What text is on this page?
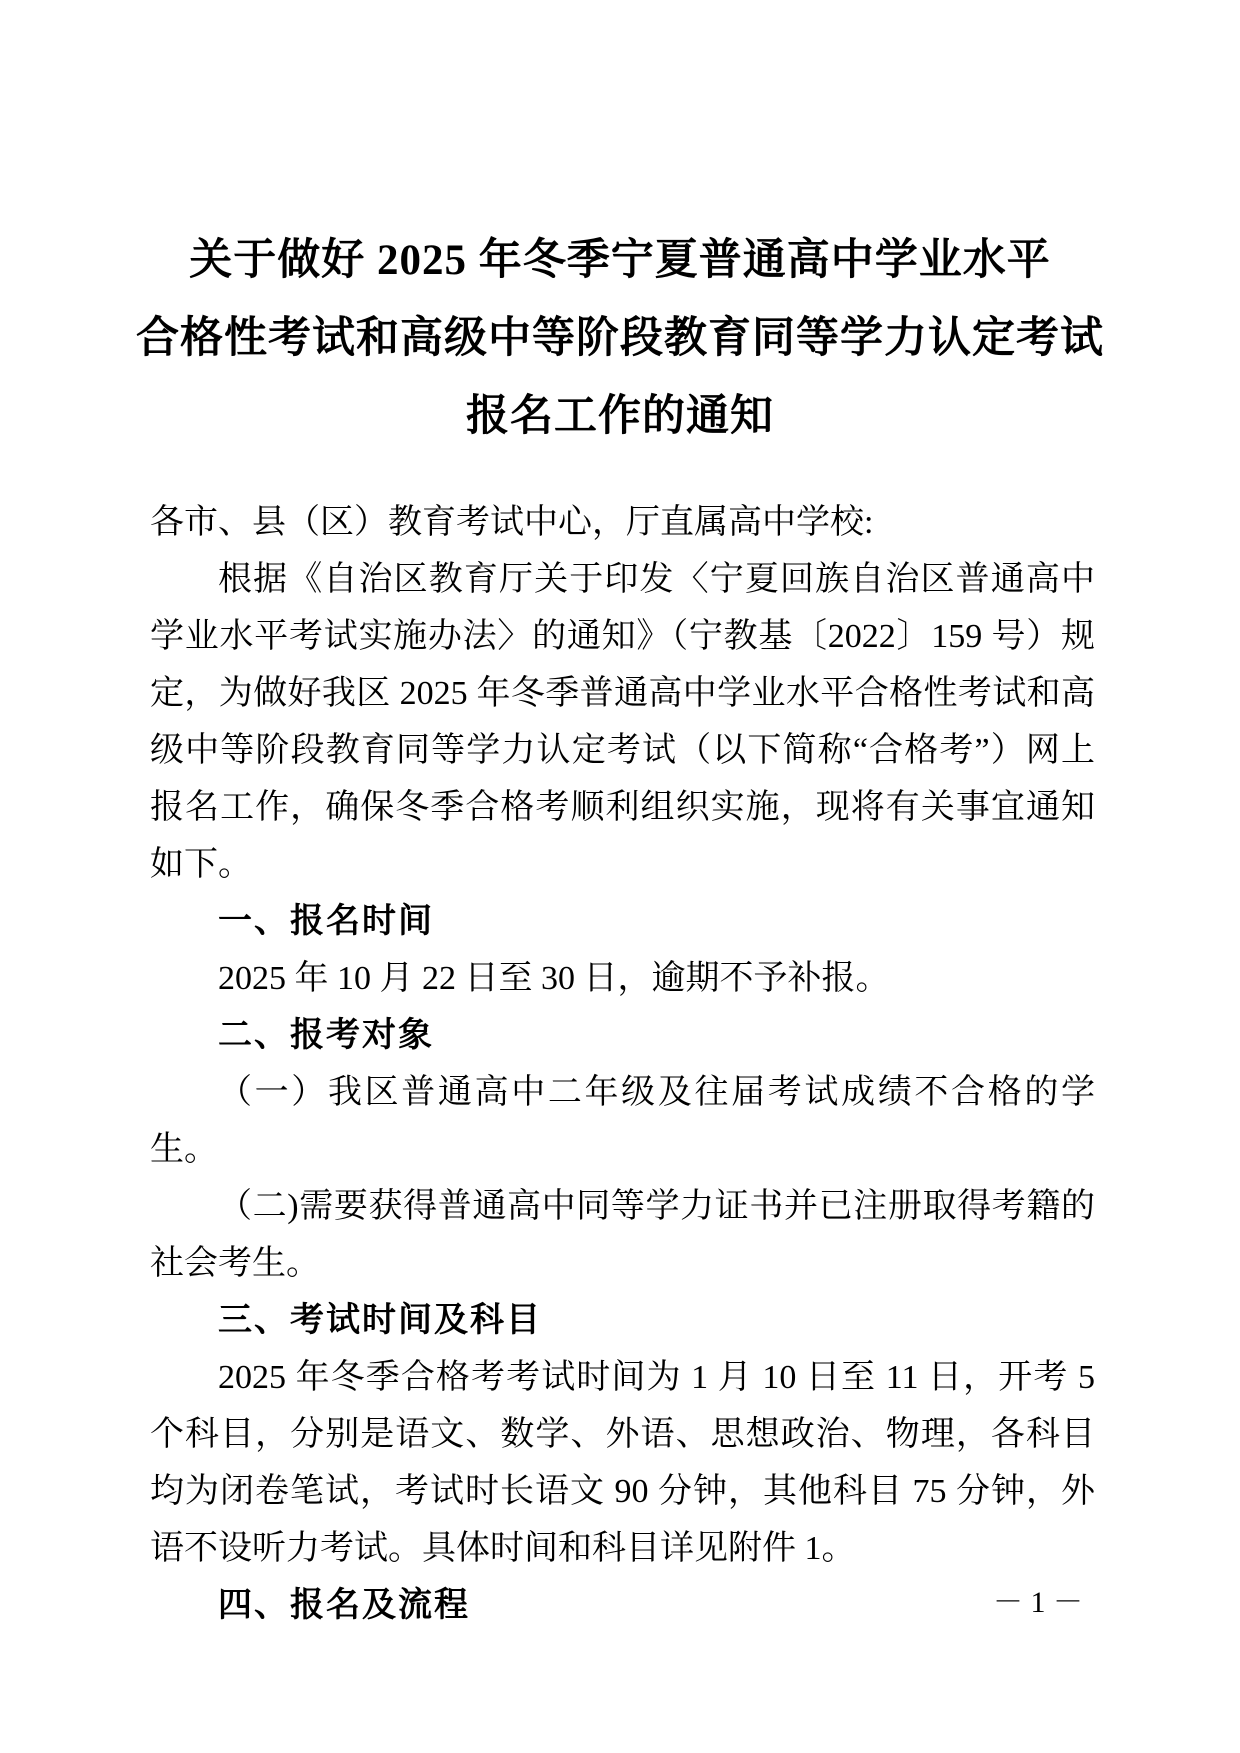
关于做好 2025 年冬季宁夏普通高中学业水平
合格性考试和高级中等阶段教育同等学力认定考试
报名工作的通知

各市、县（区）教育考试中心，厅直属高中学校:

根据《自治区教育厅关于印发〈宁夏回族自治区普通高中学业水平考试实施办法〉的通知》（宁教基〔2022〕159 号）规定，为做好我区 2025 年冬季普通高中学业水平合格性考试和高级中等阶段教育同等学力认定考试（以下简称“合格考”）网上报名工作，确保冬季合格考顺利组织实施，现将有关事宜通知如下。

一、报名时间

2025 年 10 月 22 日至 30 日，逾期不予补报。

二、报考对象

（一）我区普通高中二年级及往届考试成绩不合格的学生。

（二)需要获得普通高中同等学力证书并已注册取得考籍的社会考生。

三、考试时间及科目

2025 年冬季合格考考试时间为 1 月 10 日至 11 日，开考 5 个科目，分别是语文、数学、外语、思想政治、物理，各科目均为闭卷笔试，考试时长语文 90 分钟，其他科目 75 分钟，外语不设听力考试。具体时间和科目详见附件 1。

四、报名及流程	－ 1 －
